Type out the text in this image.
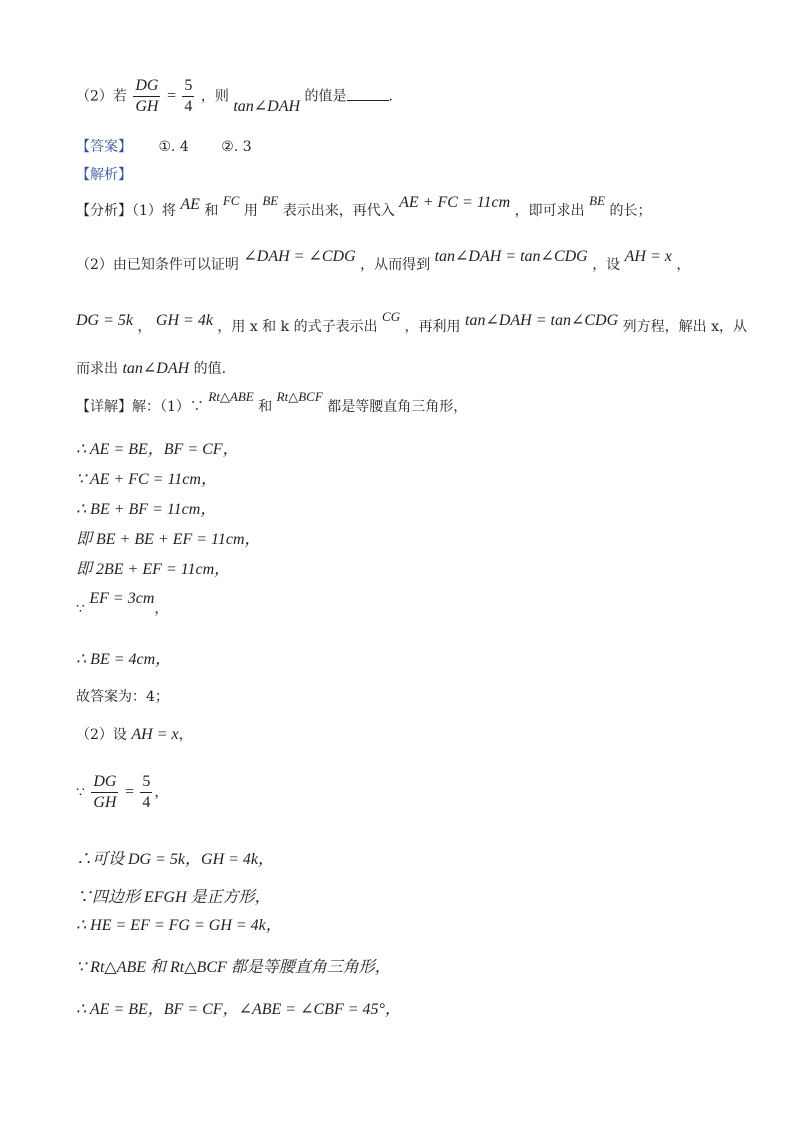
（2）若 $\frac{DG}{GH} = \frac{5}{4}$ ，则 tan∠DAH 的值是	.
【答案】 ①. 4 ②. 3
【解析】
【分析】（1）将 AE 和 FC 用 BE 表示出来，再代入 AE + FC = 11cm ，即可求出 BE 的长；
（2）由已知条件可以证明 ∠DAH = ∠CDG ，从而得到 tan∠DAH = tan∠CDG ，设 AH = x ，
DG = 5k ， GH = 4k ，用 x 和 k 的式子表示出 CG ，再利用 tan∠DAH = tan∠CDG 列方程，解出 x，从
而求出 tan∠DAH 的值.
【详解】解：（1）∵ Rt△ABE 和 Rt△BCF 都是等腰直角三角形，
∴ AE = BE，BF = CF，
∵ AE + FC = 11cm，
∴ BE + BF = 11cm，
即 BE + BE + EF = 11cm，
即 2BE + EF = 11cm，
∵ EF = 3cm，
∴ BE = 4cm，
故答案为：4；
（2）设 AH = x，
∵ $\frac{DG}{GH} = \frac{5}{4}$ ，
∴可设 DG = 5k，GH = 4k，
∵四边形 EFGH 是正方形，
∴ HE = EF = FG = GH = 4k，
∵ Rt△ABE 和 Rt△BCF 都是等腰直角三角形，
∴ AE = BE，BF = CF，∠ABE = ∠CBF = 45°，
